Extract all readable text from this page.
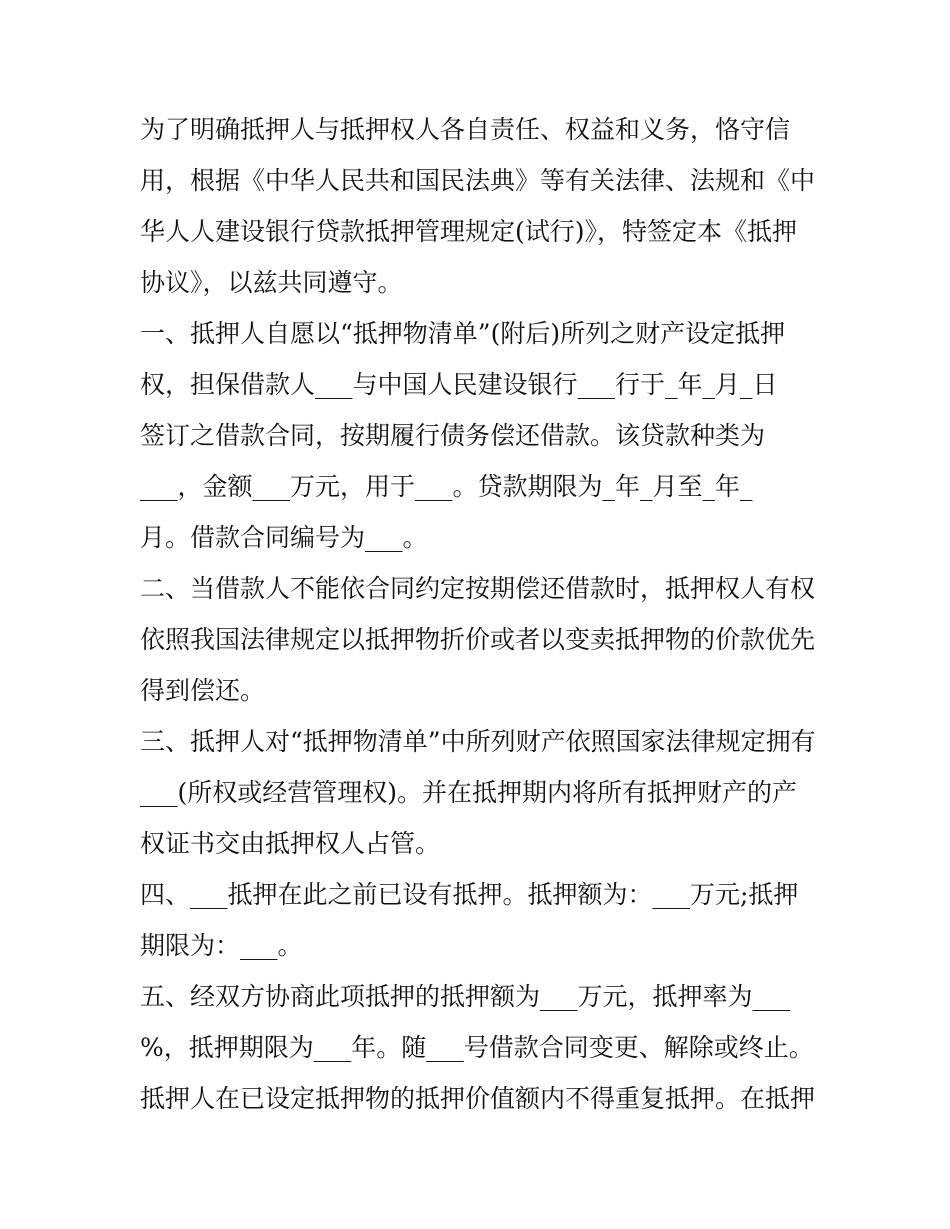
为了明确抵押人与抵押权人各自责任、权益和义务，恪守信
用，根据《中华人民共和国民法典》等有关法律、法规和《中
华人人建设银行贷款抵押管理规定(试行)》，特签定本《抵押
协议》，以兹共同遵守。
一、抵押人自愿以“抵押物清单”(附后)所列之财产设定抵押
权，担保借款人___与中国人民建设银行___行于_年_月_日
签订之借款合同，按期履行债务偿还借款。该贷款种类为
___，金额___万元，用于___。贷款期限为_年_月至_年_
月。借款合同编号为___。
二、当借款人不能依合同约定按期偿还借款时，抵押权人有权
依照我国法律规定以抵押物折价或者以变卖抵押物的价款优先
得到偿还。
三、抵押人对“抵押物清单”中所列财产依照国家法律规定拥有
___(所权或经营管理权)。并在抵押期内将所有抵押财产的产
权证书交由抵押权人占管。
四、___抵押在此之前已设有抵押。抵押额为：___万元;抵押
期限为：___。
五、经双方协商此项抵押的抵押额为___万元，抵押率为___
%，抵押期限为___年。随___号借款合同变更、解除或终止。
抵押人在已设定抵押物的抵押价值额内不得重复抵押。在抵押
